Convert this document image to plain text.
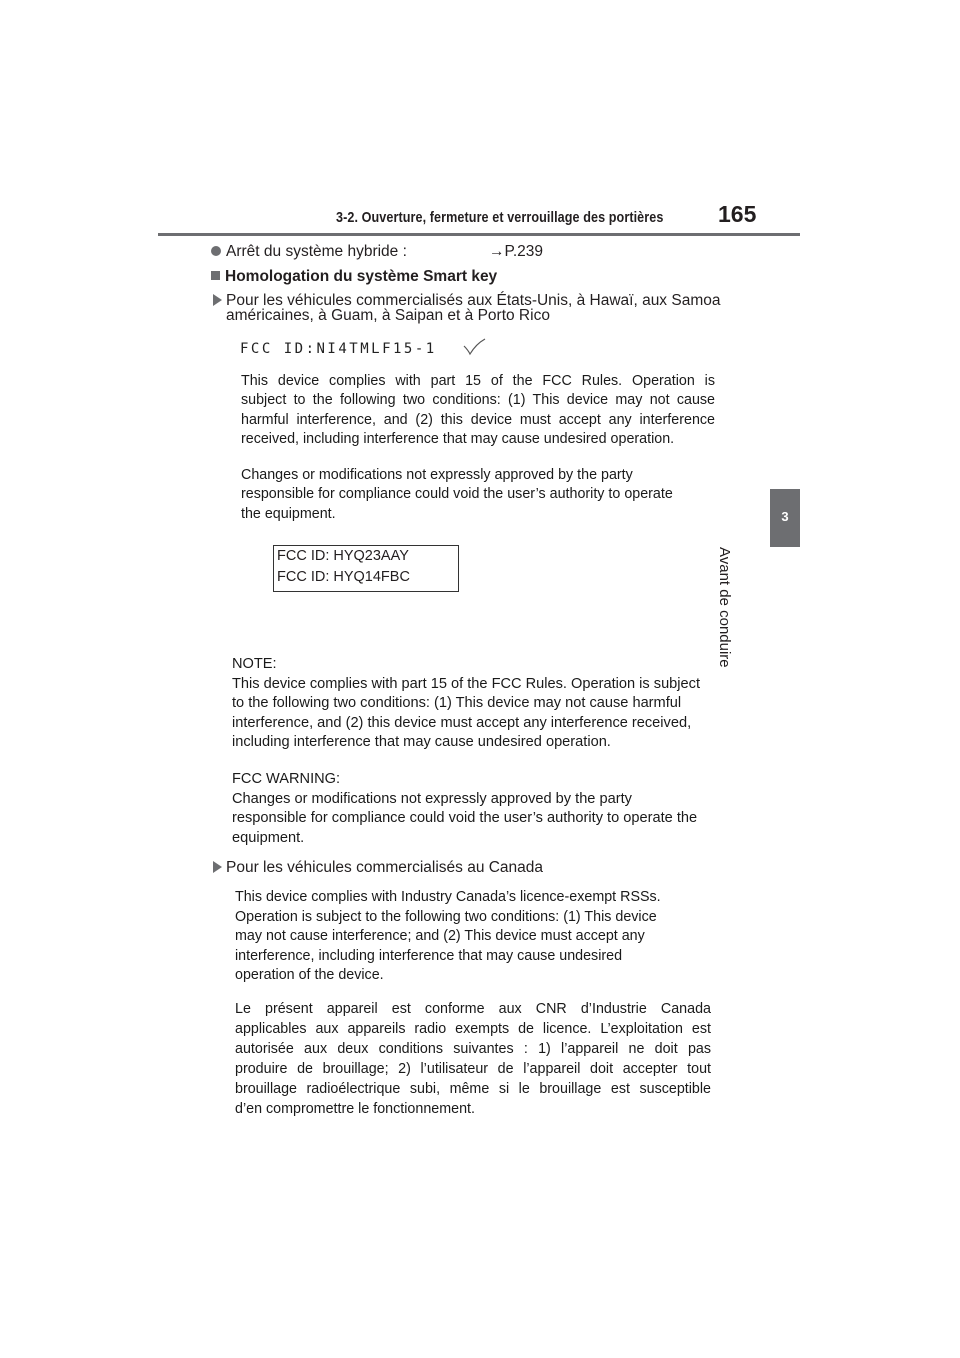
3-2. Ouverture, fermeture et verrouillage des portières 165
3
Avant de conduire
Arrêt du système hybride :	→P.239
Homologation du système Smart key
Pour les véhicules commercialisés aux États-Unis, à Hawaï, aux Samoa
américaines, à Guam, à Saipan et à Porto Rico
FCC ID:NI4TMLF15-1

This device complies with part 15 of the FCC Rules. Operation is

subject to the following two conditions: (1) This device may not cause

harmful interference, and (2) this device must accept any interference

received, including interference that may cause undesired operation.

Changes or modifications not expressly approved by the party

responsible for compliance could void the user’s authority to operate

the equipment.

FCC ID: HYQ23AAY

FCC ID: HYQ14FBC

NOTE:

This device complies with part 15 of the FCC Rules. Operation is subject

to the following two conditions: (1) This device may not cause harmful

interference, and (2) this device must accept any interference received,

including interference that may cause undesired operation.

FCC WARNING:

Changes or modifications not expressly approved by the party

responsible for compliance could void the user’s authority to operate the

equipment.

Pour les véhicules commercialisés au Canada

This device complies with Industry Canada’s licence-exempt RSSs.

Operation is subject to the following two conditions: (1) This device

may not cause interference; and (2) This device must accept any

interference, including interference that may cause undesired

operation of the device.

Le présent appareil est conforme aux CNR d’Industrie Canada

applicables aux appareils radio exempts de licence. L’exploitation est

autorisée aux deux conditions suivantes : 1) l’appareil ne doit pas

produire de brouillage; 2) l’utilisateur de l’appareil doit accepter tout

brouillage radioélectrique subi, même si le brouillage est susceptible

d’en compromettre le fonctionnement.
